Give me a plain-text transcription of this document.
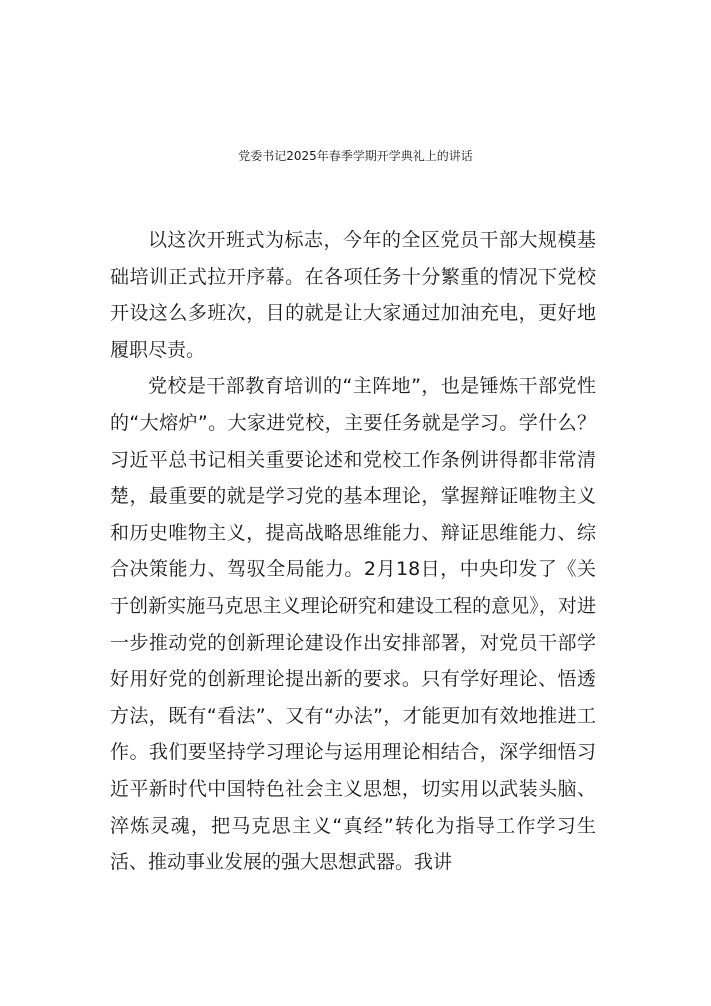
党委书记2025年春季学期开学典礼上的讲话

以这次开班式为标志，今年的全区党员干部大规模基础培训正式拉开序幕。在各项任务十分繁重的情况下党校开设这么多班次，目的就是让大家通过加油充电，更好地履职尽责。

党校是干部教育培训的“主阵地”，也是锤炼干部党性的“大熔炉”。大家进党校，主要任务就是学习。学什么？习近平总书记相关重要论述和党校工作条例讲得都非常清楚，最重要的就是学习党的基本理论，掌握辩证唯物主义和历史唯物主义，提高战略思维能力、辩证思维能力、综合决策能力、驾驭全局能力。2月18日，中央印发了《关于创新实施马克思主义理论研究和建设工程的意见》，对进一步推动党的创新理论建设作出安排部署，对党员干部学好用好党的创新理论提出新的要求。只有学好理论、悟透方法，既有“看法”、又有“办法”，才能更加有效地推进工作。我们要坚持学习理论与运用理论相结合，深学细悟习近平新时代中国特色社会主义思想，切实用以武装头脑、淬炼灵魂，把马克思主义“真经”转化为指导工作学习生活、推动事业发展的强大思想武器。我讲
